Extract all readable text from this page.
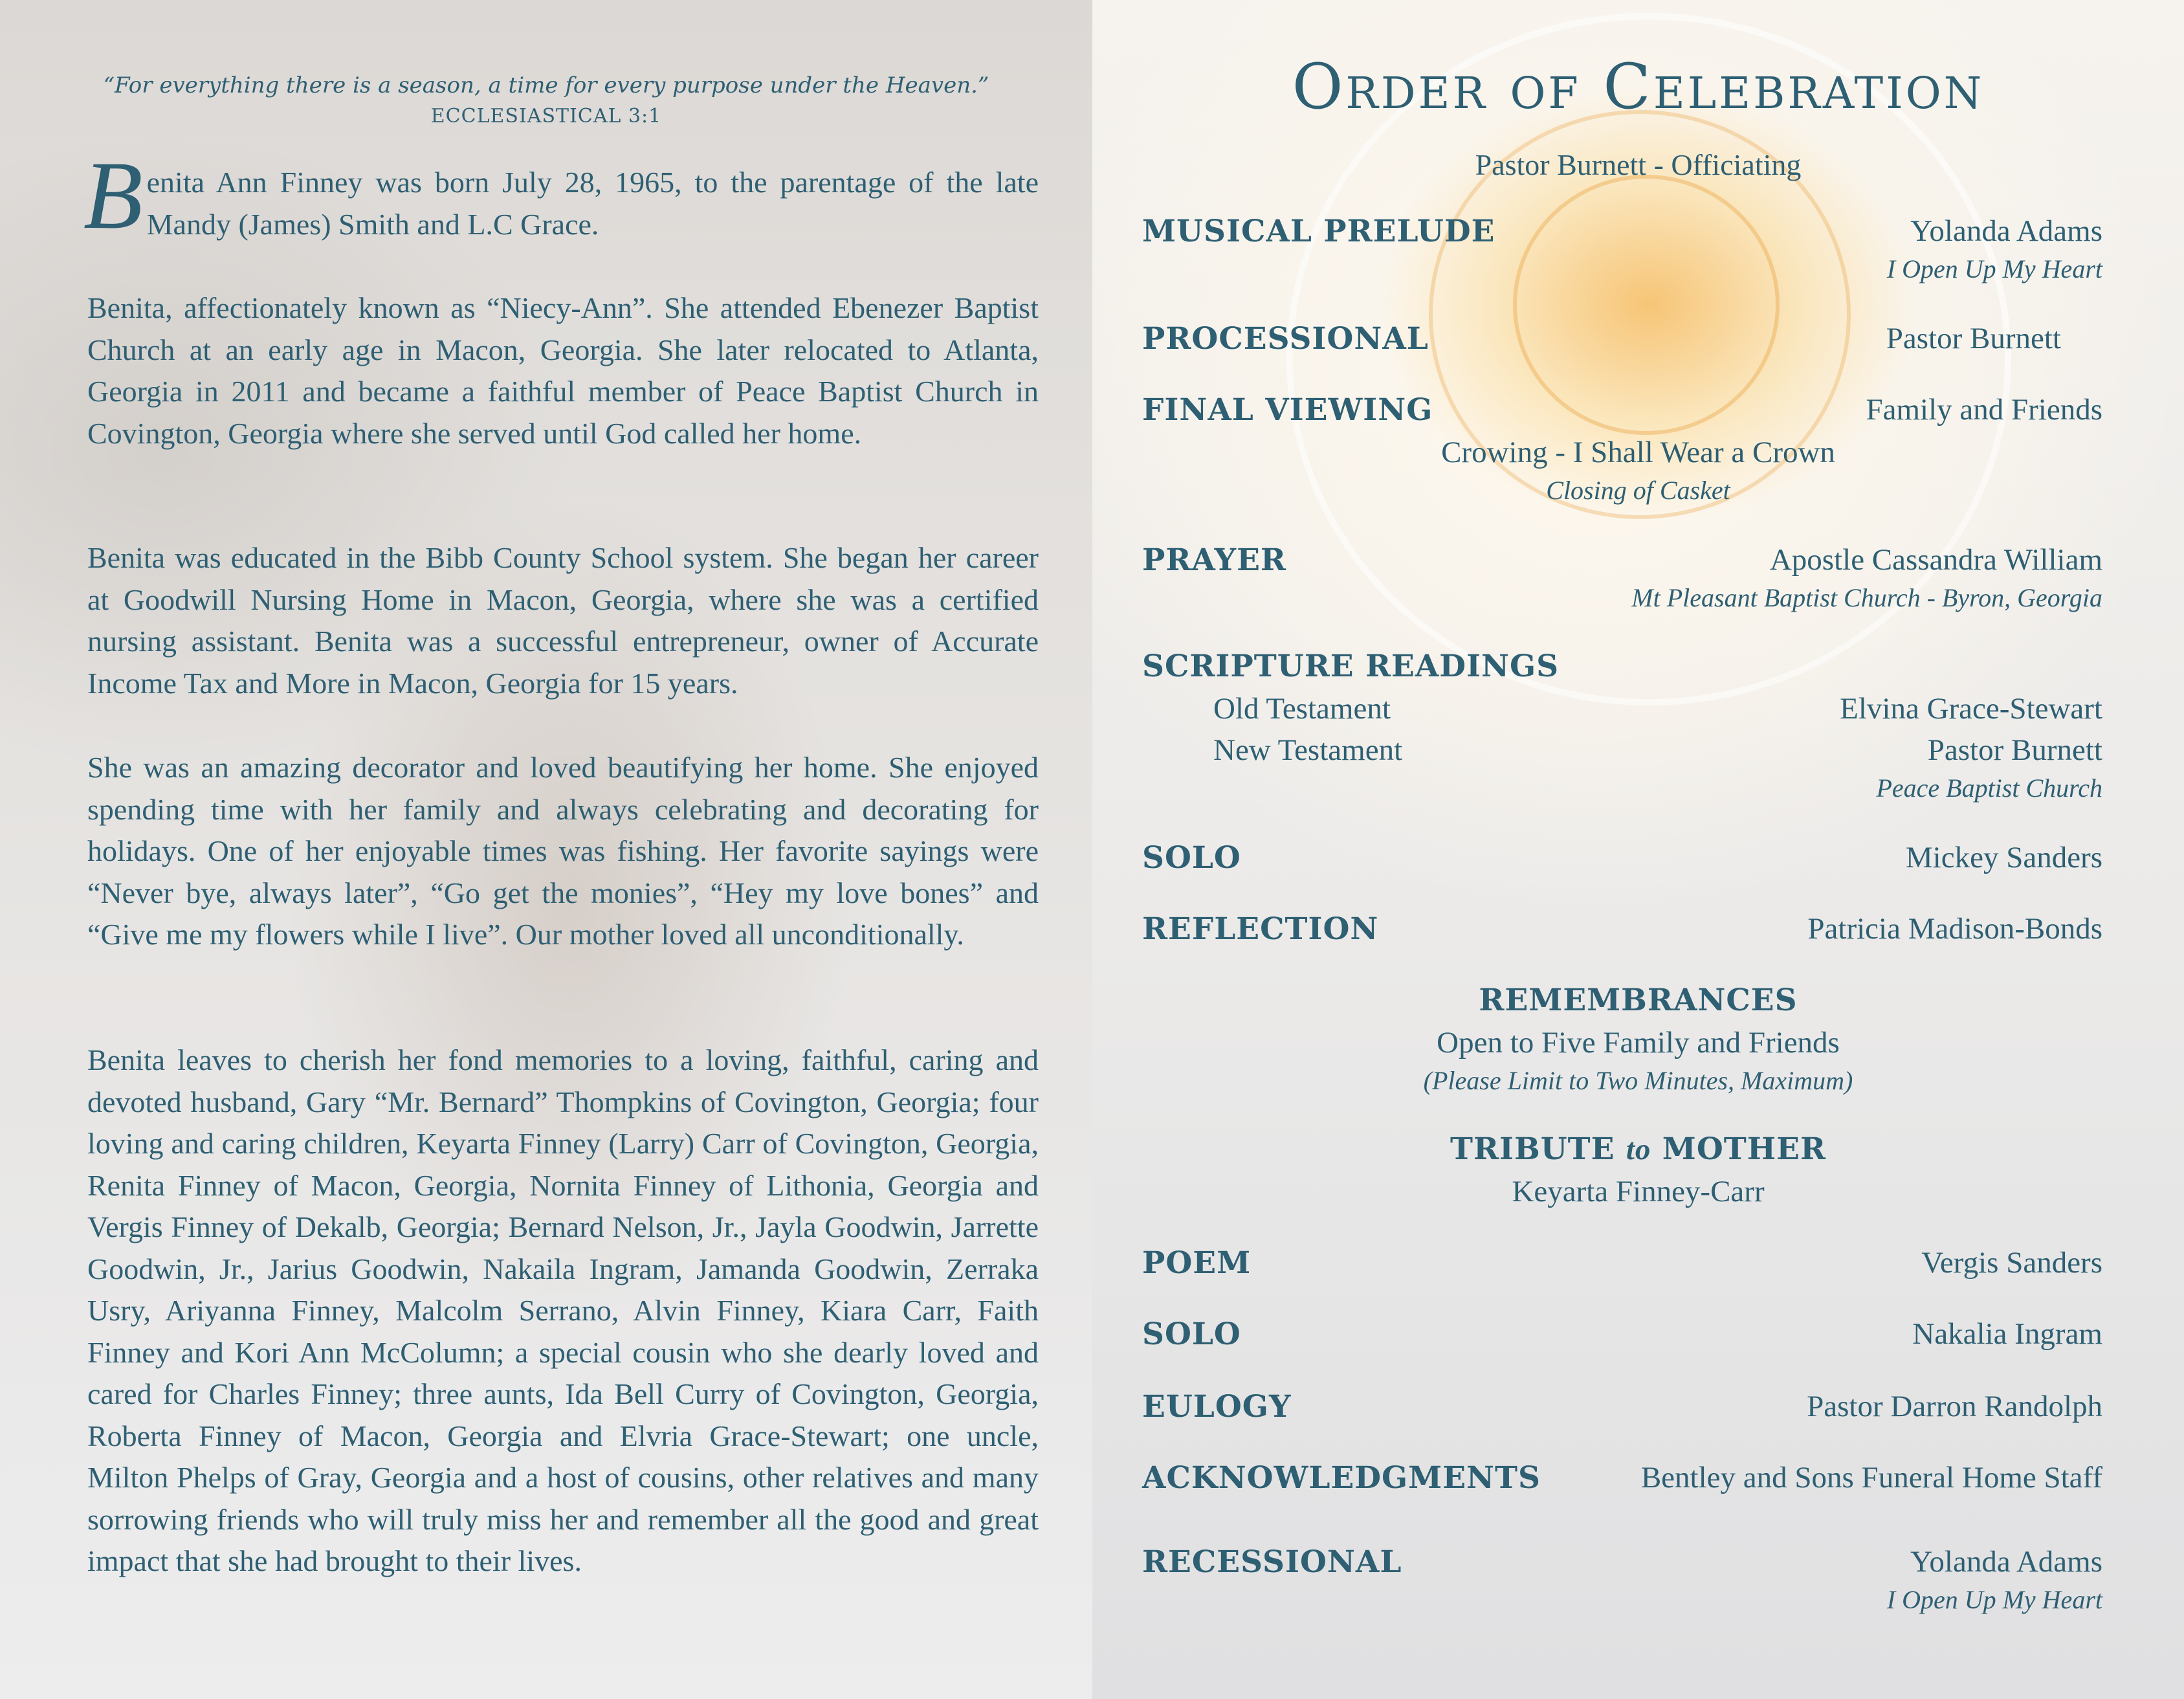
“For everything there is a season, a time for every purpose under the Heaven.”

ECCLESIASTICAL 3:1

Benita Ann Finney was born July 28, 1965, to the parentage of the late Mandy (James) Smith and L.C Grace.

Benita, affectionately known as “Niecy-Ann”. She attended Ebenezer Baptist Church at an early age in Macon, Georgia. She later relocated to Atlanta, Georgia in 2011 and became a faithful member of Peace Baptist Church in Covington, Georgia where she served until God called her home.

Benita was educated in the Bibb County School system. She began her career at Goodwill Nursing Home in Macon, Georgia, where she was a certified nursing assistant. Benita was a successful entrepreneur, owner of Accurate Income Tax and More in Macon, Georgia for 15 years.

She was an amazing decorator and loved beautifying her home. She enjoyed spending time with her family and always celebrating and decorating for holidays. One of her enjoyable times was fishing. Her favorite sayings were “Never bye, always later”, “Go get the monies”, “Hey my love bones” and “Give me my flowers while I live”. Our mother loved all unconditionally.

Benita leaves to cherish her fond memories to a loving, faithful, caring and devoted husband, Gary “Mr. Bernard” Thompkins of Covington, Georgia; four loving and caring children, Keyarta Finney (Larry) Carr of Covington, Georgia, Renita Finney of Macon, Georgia, Nornita Finney of Lithonia, Georgia and Vergis Finney of Dekalb, Georgia; Bernard Nelson, Jr., Jayla Goodwin, Jarrette Goodwin, Jr., Jarius Goodwin, Nakaila Ingram, Jamanda Goodwin, Zerraka Usry, Ariyanna Finney, Malcolm Serrano, Alvin Finney, Kiara Carr, Faith Finney and Kori Ann McColumn; a special cousin who she dearly loved and cared for Charles Finney; three aunts, Ida Bell Curry of Covington, Georgia, Roberta Finney of Macon, Georgia and Elvria Grace-Stewart; one uncle, Milton Phelps of Gray, Georgia and a host of cousins, other relatives and many sorrowing friends who will truly miss her and remember all the good and great impact that she had brought to their lives.

Order of Celebration

Pastor Burnett - Officiating

MUSICAL PRELUDE	Yolanda Adams

I Open Up My Heart

PROCESSIONAL	Pastor Burnett

FINAL VIEWING	Family and Friends

Crowing - I Shall Wear a Crown

Closing of Casket

PRAYER	Apostle Cassandra William

Mt Pleasant Baptist Church - Byron, Georgia

SCRIPTURE READINGS

Old Testament	Elvina Grace-Stewart

New Testament	Pastor Burnett

Peace Baptist Church

SOLO	Mickey Sanders

REFLECTION	Patricia Madison-Bonds

REMEMBRANCES

Open to Five Family and Friends

(Please Limit to Two Minutes, Maximum)

TRIBUTE to MOTHER

Keyarta Finney-Carr

POEM	Vergis Sanders

SOLO	Nakalia Ingram

EULOGY	Pastor Darron Randolph

ACKNOWLEDGMENTS	Bentley and Sons Funeral Home Staff

RECESSIONAL	Yolanda Adams

I Open Up My Heart
